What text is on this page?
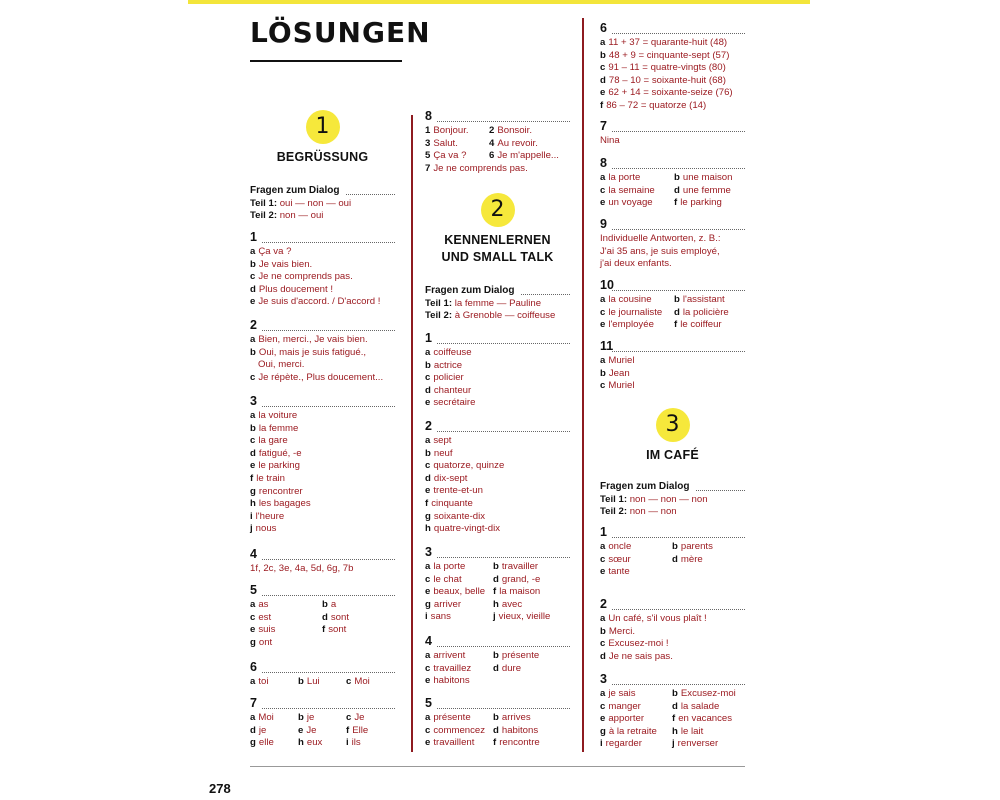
LÖSUNGEN
1
BEGRÜSSUNG
2
KENNENLERNEN
UND SMALL TALK
3
IM CAFÉ
Fragen zum Dialog
Teil 1: oui — non — oui
Teil 2: non — oui
1
a Ça va ?
b Je vais bien.
c Je ne comprends pas.
d Plus doucement !
e Je suis d'accord. / D'accord !
2
a Bien, merci., Je vais bien.
b Oui, mais je suis fatigué.,
Oui, merci.
c Je répète., Plus doucement...
3
a la voiture
b la femme
c la gare
d fatigué, -e
e le parking
f le train
g rencontrer
h les bagages
i l'heure
j nous
4
1f, 2c, 3e, 4a, 5d, 6g, 7b
5
a as	b a
c est	d sont
e suis	f sont
g ont
6
a toi	b Lui	c Moi
7
a Moi	b je	c Je
d je	e Je	f Elle
g elle	h eux i ils
8
1 Bonjour. 2 Bonsoir.
3 Salut.	4 Au revoir.
5 Ça va ? 6 Je m'appelle...
7 Je ne comprends pas.
Fragen zum Dialog
Teil 1: la femme — Pauline
Teil 2: à Grenoble — coiffeuse
1
a coiffeuse
b actrice
c policier
d chanteur
e secrétaire
2
a sept
b neuf
c quatorze, quinze
d dix-sept
e trente-et-un
f cinquante
g soixante-dix
h quatre-vingt-dix
3
a la porte	b travailler
c le chat	d grand, -e
e beaux, belle f la maison
g arriver	h avec
i sans	j vieux, vieille
4
a arrivent	b présente
c travaillez d dure
e habitons
5
a présente b arrives
c commencez d habitons
e travaillent f rencontre
6
a 11 + 37 = quarante-huit (48)
b 48 + 9 = cinquante-sept (57)
c 91 – 11 = quatre-vingts (80)
d 78 – 10 = soixante-huit (68)
e 62 + 14 = soixante-seize (76)
f 86 – 72 = quatorze (14)
7
Nina
8
a la porte	b une maison
c la semaine d une femme
e un voyage f le parking
9
Individuelle Antworten, z. B.:
J'ai 35 ans, je suis employé,
j'ai deux enfants.
10
a la cousine b l'assistant
c le journaliste d la policière
e l'employée f le coiffeur
11
a Muriel
b Jean
c Muriel
Fragen zum Dialog
Teil 1: non — non — non
Teil 2: non — non
1
a oncle	b parents
c sœur	d mère
e tante
2
a Un café, s'il vous plaît !
b Merci.
c Excusez-moi !
d Je ne sais pas.
3
a je sais	b Excusez-moi
c manger	d la salade
e apporter	f en vacances
g à la retraite h le lait
i regarder	j renverser
278
